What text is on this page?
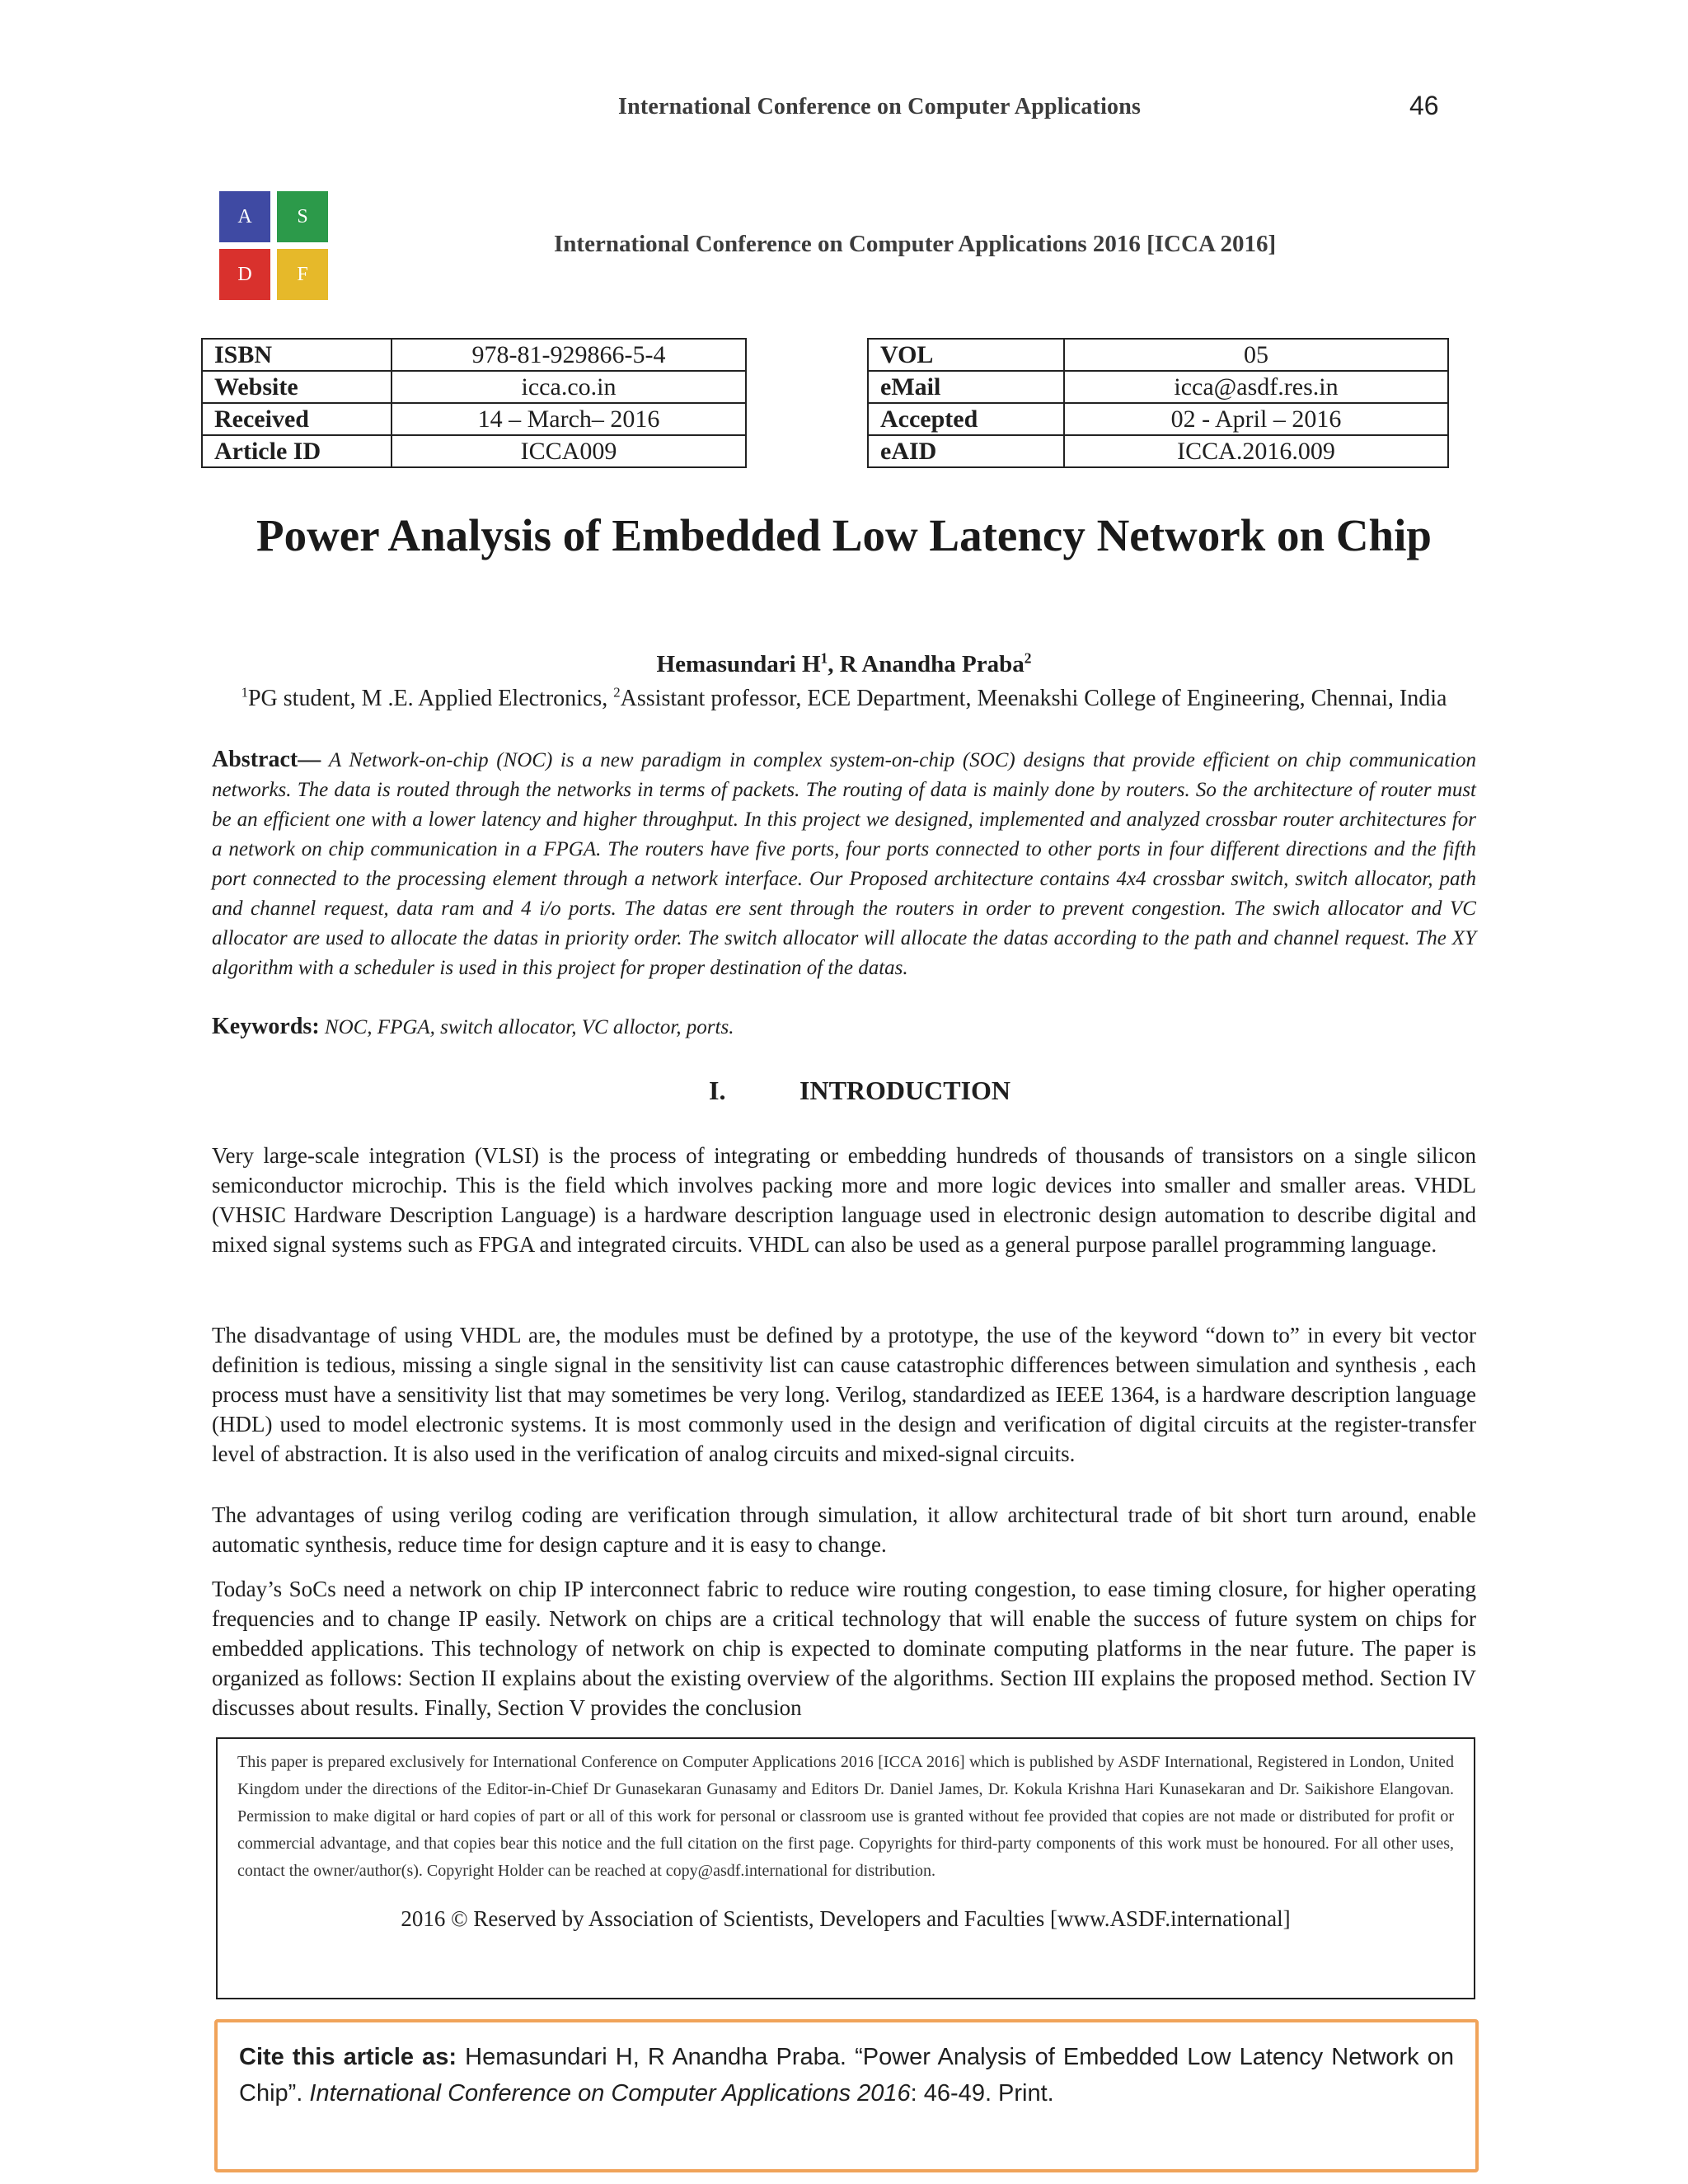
International Conference on Computer Applications	46
A	S
D	F
International Conference on Computer Applications 2016 [ICCA 2016]
ISBN	978-81-929866-5-4
Website	icca.co.in
Received	14 – March– 2016
Article ID	ICCA009
VOL	05
eMail	icca@asdf.res.in
Accepted	02 - April – 2016
eAID	ICCA.2016.009
Power Analysis of Embedded Low Latency Network on Chip
Hemasundari $H^1$, R Anandha Praba$^2$
$^1$PG student, M .E. Applied Electronics, $^2$Assistant professor, ECE Department, Meenakshi College of Engineering, Chennai, India
Abstract— A Network-on-chip (NOC) is a new paradigm in complex system-on-chip (SOC) designs that provide efficient on chip communication networks. The data is routed through the networks in terms of packets. The routing of data is mainly done by routers. So the architecture of router must be an efficient one with a lower latency and higher throughput. In this project we designed, implemented and analyzed crossbar router architectures for a network on chip communication in a FPGA. The routers have five ports, four ports connected to other ports in four different directions and the fifth port connected to the processing element through a network interface. Our Proposed architecture contains 4x4 crossbar switch, switch allocator, path and channel request, data ram and 4 i/o ports. The datas ere sent through the routers in order to prevent congestion. The swich allocator and VC allocator are used to allocate the datas in priority order. The switch allocator will allocate the datas according to the path and channel request. The XY algorithm with a scheduler is used in this project for proper destination of the datas.
Keywords: NOC, FPGA, switch allocator, VC alloctor, ports.
I.	INTRODUCTION
Very large-scale integration (VLSI) is the process of integrating or embedding hundreds of thousands of transistors on a single silicon semiconductor microchip. This is the field which involves packing more and more logic devices into smaller and smaller areas. VHDL (VHSIC Hardware Description Language) is a hardware description language used in electronic design automation to describe digital and mixed signal systems such as FPGA and integrated circuits. VHDL can also be used as a general purpose parallel programming language.
The disadvantage of using VHDL are, the modules must be defined by a prototype, the use of the keyword “down to” in every bit vector definition is tedious, missing a single signal in the sensitivity list can cause catastrophic differences between simulation and synthesis , each process must have a sensitivity list that may sometimes be very long. Verilog, standardized as IEEE 1364, is a hardware description language (HDL) used to model electronic systems. It is most commonly used in the design and verification of digital circuits at the register-transfer level of abstraction. It is also used in the verification of analog circuits and mixed-signal circuits.
The advantages of using verilog coding are verification through simulation, it allow architectural trade of bit short turn around, enable automatic synthesis, reduce time for design capture and it is easy to change.
Today’s SoCs need a network on chip IP interconnect fabric to reduce wire routing congestion, to ease timing closure, for higher operating frequencies and to change IP easily. Network on chips are a critical technology that will enable the success of future system on chips for embedded applications. This technology of network on chip is expected to dominate computing platforms in the near future. The paper is organized as follows: Section II explains about the existing overview of the algorithms. Section III explains the proposed method. Section IV discusses about results. Finally, Section V provides the conclusion
This paper is prepared exclusively for International Conference on Computer Applications 2016 [ICCA 2016] which is published by ASDF International, Registered in London, United Kingdom under the directions of the Editor-in-Chief Dr Gunasekaran Gunasamy and Editors Dr. Daniel James, Dr. Kokula Krishna Hari Kunasekaran and Dr. Saikishore Elangovan. Permission to make digital or hard copies of part or all of this work for personal or classroom use is granted without fee provided that copies are not made or distributed for profit or commercial advantage, and that copies bear this notice and the full citation on the first page. Copyrights for third-party components of this work must be honoured. For all other uses, contact the owner/author(s). Copyright Holder can be reached at copy@asdf.international for distribution.
2016 © Reserved by Association of Scientists, Developers and Faculties [www.ASDF.international]
Cite this article as: Hemasundari H, R Anandha Praba. “Power Analysis of Embedded Low Latency Network on Chip”. International Conference on Computer Applications 2016: 46-49. Print.
